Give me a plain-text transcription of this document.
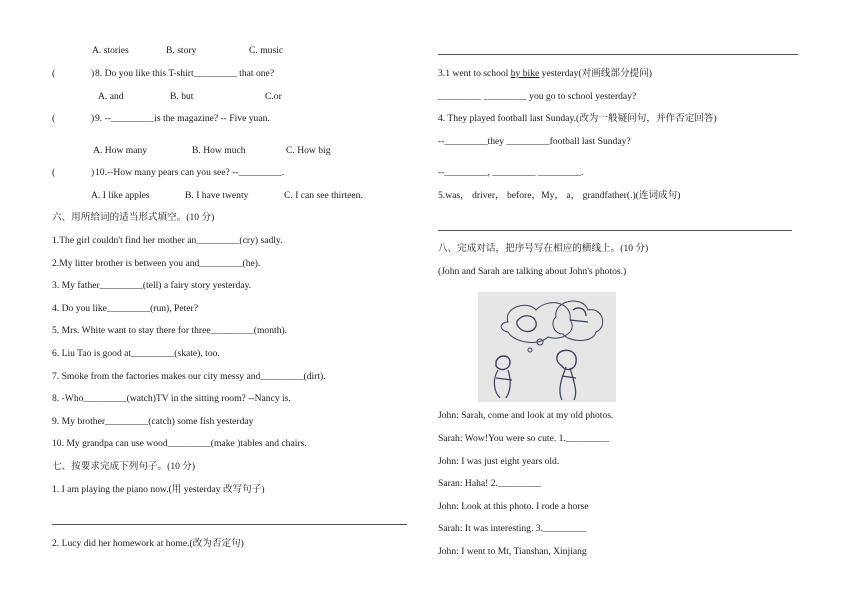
A. stories	B. story	C. music
(	) 8. Do you like this T-shirt_________ that one?
A. and	B. but	C.or
(	) 9. --_________is the magazine? -- Five yuan.
A. How many	B. How much	C. How big
(	) 10.--How many pears can you see? --_________.
A. I like apples	B. I have twenty	C. I can see thirteen.
六、用所给词的适当形式填空。(10 分)
1.The girl couldn't find her mother an_________(cry) sadly.
2.My litter brother is between you and_________(he).
3. My father_________(tell) a fairy story yesterday.
4. Do you like_________(run), Peter?
5. Mrs. White want to stay there for three_________(month).
6. Liu Tao is good at_________(skate), too.
7. Smoke from the factories makes our city messy and_________(dirt).
8. -Who_________(watch)TV in the sitting room? --Nancy is.
9. My brother_________(catch) some fish yesterday
10. My grandpa can use wood_________(make )tables and chairs.
七、按要求完成下列句子。(10 分)
1. I am playing the piano now.(用 yesterday 改写句子)
2. Lucy did her homework at home.(改为否定句)
3.1 went to school by bike yesterday(对画线部分提问)
_________ _________ you go to school yesterday?
4. They played football last Sunday.(改为一般疑问句，并作否定回答)
--_________they _________football last Sunday?
--_________, _________ _________.
5.was， driver， before，My， a， grandfather(.)(连词成句)
八、完成对话，把序号写在相应的横线上。(10 分)
(John and Sarah are talking about John's photos.)
John: Sarah, come and look at my old photos.
Sarah: Wow!You were so cute. 1._________
John: I was just eight years old.
Saran: Haha! 2._________
John: Look at this photo. I rode a horse
Sarah: It was interesting. 3._________
John: I went to Mt, Tianshan, Xinjiang
